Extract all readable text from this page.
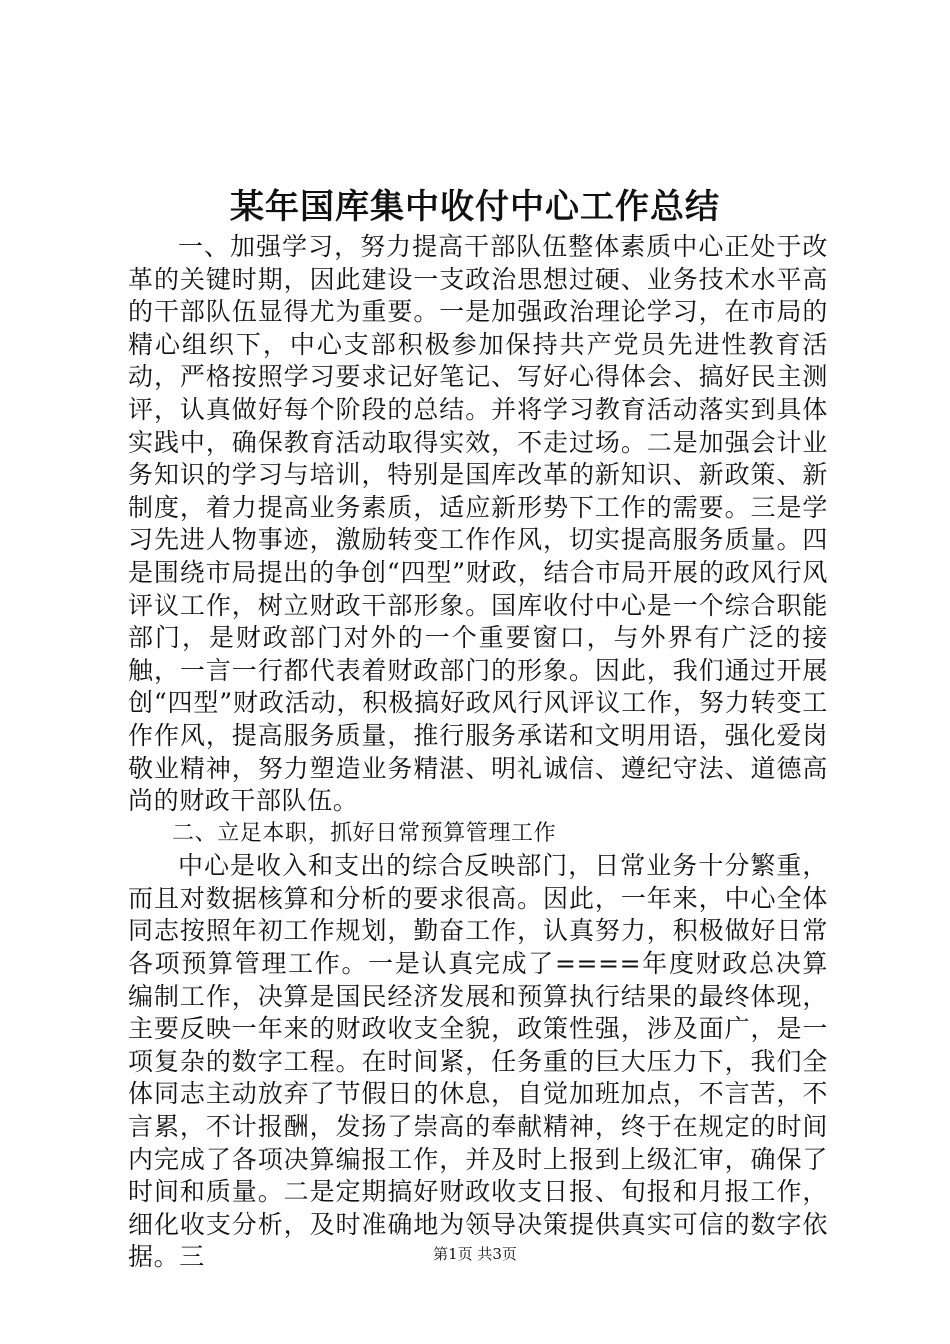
某年国库集中收付中心工作总结

一、加强学习，努力提高干部队伍整体素质中心正处于改革的关键时期，因此建设一支政治思想过硬、业务技术水平高的干部队伍显得尤为重要。一是加强政治理论学习，在市局的精心组织下，中心支部积极参加保持共产党员先进性教育活动，严格按照学习要求记好笔记、写好心得体会、搞好民主测评，认真做好每个阶段的总结。并将学习教育活动落实到具体实践中，确保教育活动取得实效，不走过场。二是加强会计业务知识的学习与培训，特别是国库改革的新知识、新政策、新制度，着力提高业务素质，适应新形势下工作的需要。三是学习先进人物事迹，激励转变工作作风，切实提高服务质量。四是围绕市局提出的争创“四型”财政，结合市局开展的政风行风评议工作，树立财政干部形象。国库收付中心是一个综合职能部门，是财政部门对外的一个重要窗口，与外界有广泛的接触，一言一行都代表着财政部门的形象。因此，我们通过开展创“四型”财政活动，积极搞好政风行风评议工作，努力转变工作作风，提高服务质量，推行服务承诺和文明用语，强化爱岗敬业精神，努力塑造业务精湛、明礼诚信、遵纪守法、道德高尚的财政干部队伍。

二、立足本职，抓好日常预算管理工作

中心是收入和支出的综合反映部门，日常业务十分繁重，而且对数据核算和分析的要求很高。因此，一年来，中心全体同志按照年初工作规划，勤奋工作，认真努力，积极做好日常各项预算管理工作。一是认真完成了====年度财政总决算编制工作，决算是国民经济发展和预算执行结果的最终体现，主要反映一年来的财政收支全貌，政策性强，涉及面广，是一项复杂的数字工程。在时间紧，任务重的巨大压力下，我们全体同志主动放弃了节假日的休息，自觉加班加点，不言苦，不言累，不计报酬，发扬了崇高的奉献精神，终于在规定的时间内完成了各项决算编报工作，并及时上报到上级汇审，确保了时间和质量。二是定期搞好财政收支日报、旬报和月报工作，细化收支分析，及时准确地为领导决策提供真实可信的数字依据。三	第1页 共3页
